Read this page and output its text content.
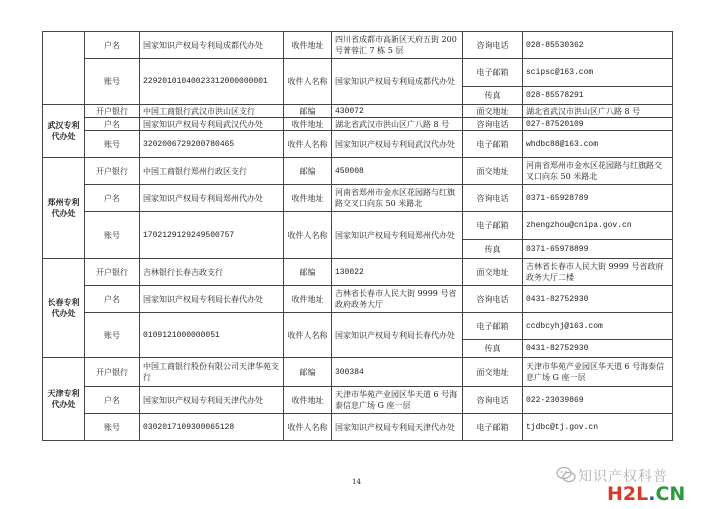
	户名	国家知识产权局专利局成都代办处	收件地址	四川省成都市高新区天府五街 200 号菁蓉汇 7 栋 5 层	咨询电话	028-85530362
	账号	22920101040023312000000001	收件人名称	国家知识产权局专利局成都代办处	电子邮箱	scipsc@163.com
					传真	028-85578291
武汉专利代办处	开户银行	中国工商银行武汉市洪山区支行	邮编	430072	面交地址	湖北省武汉市洪山区广八路 8 号
	户名	国家知识产权局专利局武汉代办处	收件地址	湖北省武汉市洪山区广八路 8 号	咨询电话	027-87520109
	账号	3202006729200780465	收件人名称	国家知识产权局专利局武汉代办处	电子邮箱	whdbc88@163.com
郑州专利代办处	开户银行	中国工商银行郑州行政区支行	邮编	450008	面交地址	河南省郑州市金水区花园路与红旗路交叉口向东 50 米路北
	户名	国家知识产权局专利局郑州代办处	收件地址	河南省郑州市金水区花园路与红旗路交叉口向东 50 米路北	咨询电话	0371-65928789
	账号	1702129129249500757	收件人名称	国家知识产权局专利局郑州代办处	电子邮箱	zhengzhou@cnipa.gov.cn
					传真	0371-65978899
长春专利代办处	开户银行	吉林银行长春吉政支行	邮编	130022	面交地址	吉林省长春市人民大街 9999 号省政府政务大厅二楼
	户名	国家知识产权局专利局长春代办处	收件地址	吉林省长春市人民大街 9999 号省政府政务大厅	咨询电话	0431-82752930
	账号	0109121000000051	收件人名称	国家知识产权局专利局长春代办处	电子邮箱	ccdbcyhj@163.com
					传真	0431-82752930
天津专利代办处	开户银行	中国工商银行股份有限公司天津华苑支行	邮编	300384	面交地址	天津市华苑产业园区华天道 6 号海泰信息广场 G 座一层
	户名	国家知识产权局专利局天津代办处	收件地址	天津市华苑产业园区华天道 6 号海泰信息广场 G 座一层	咨询电话	022-23039869
	账号	0302017109300065128	收件人名称	国家知识产权局专利局天津代办处	电子邮箱	tjdbc@tj.gov.cn
14	知识产权科普
H2L.CN
